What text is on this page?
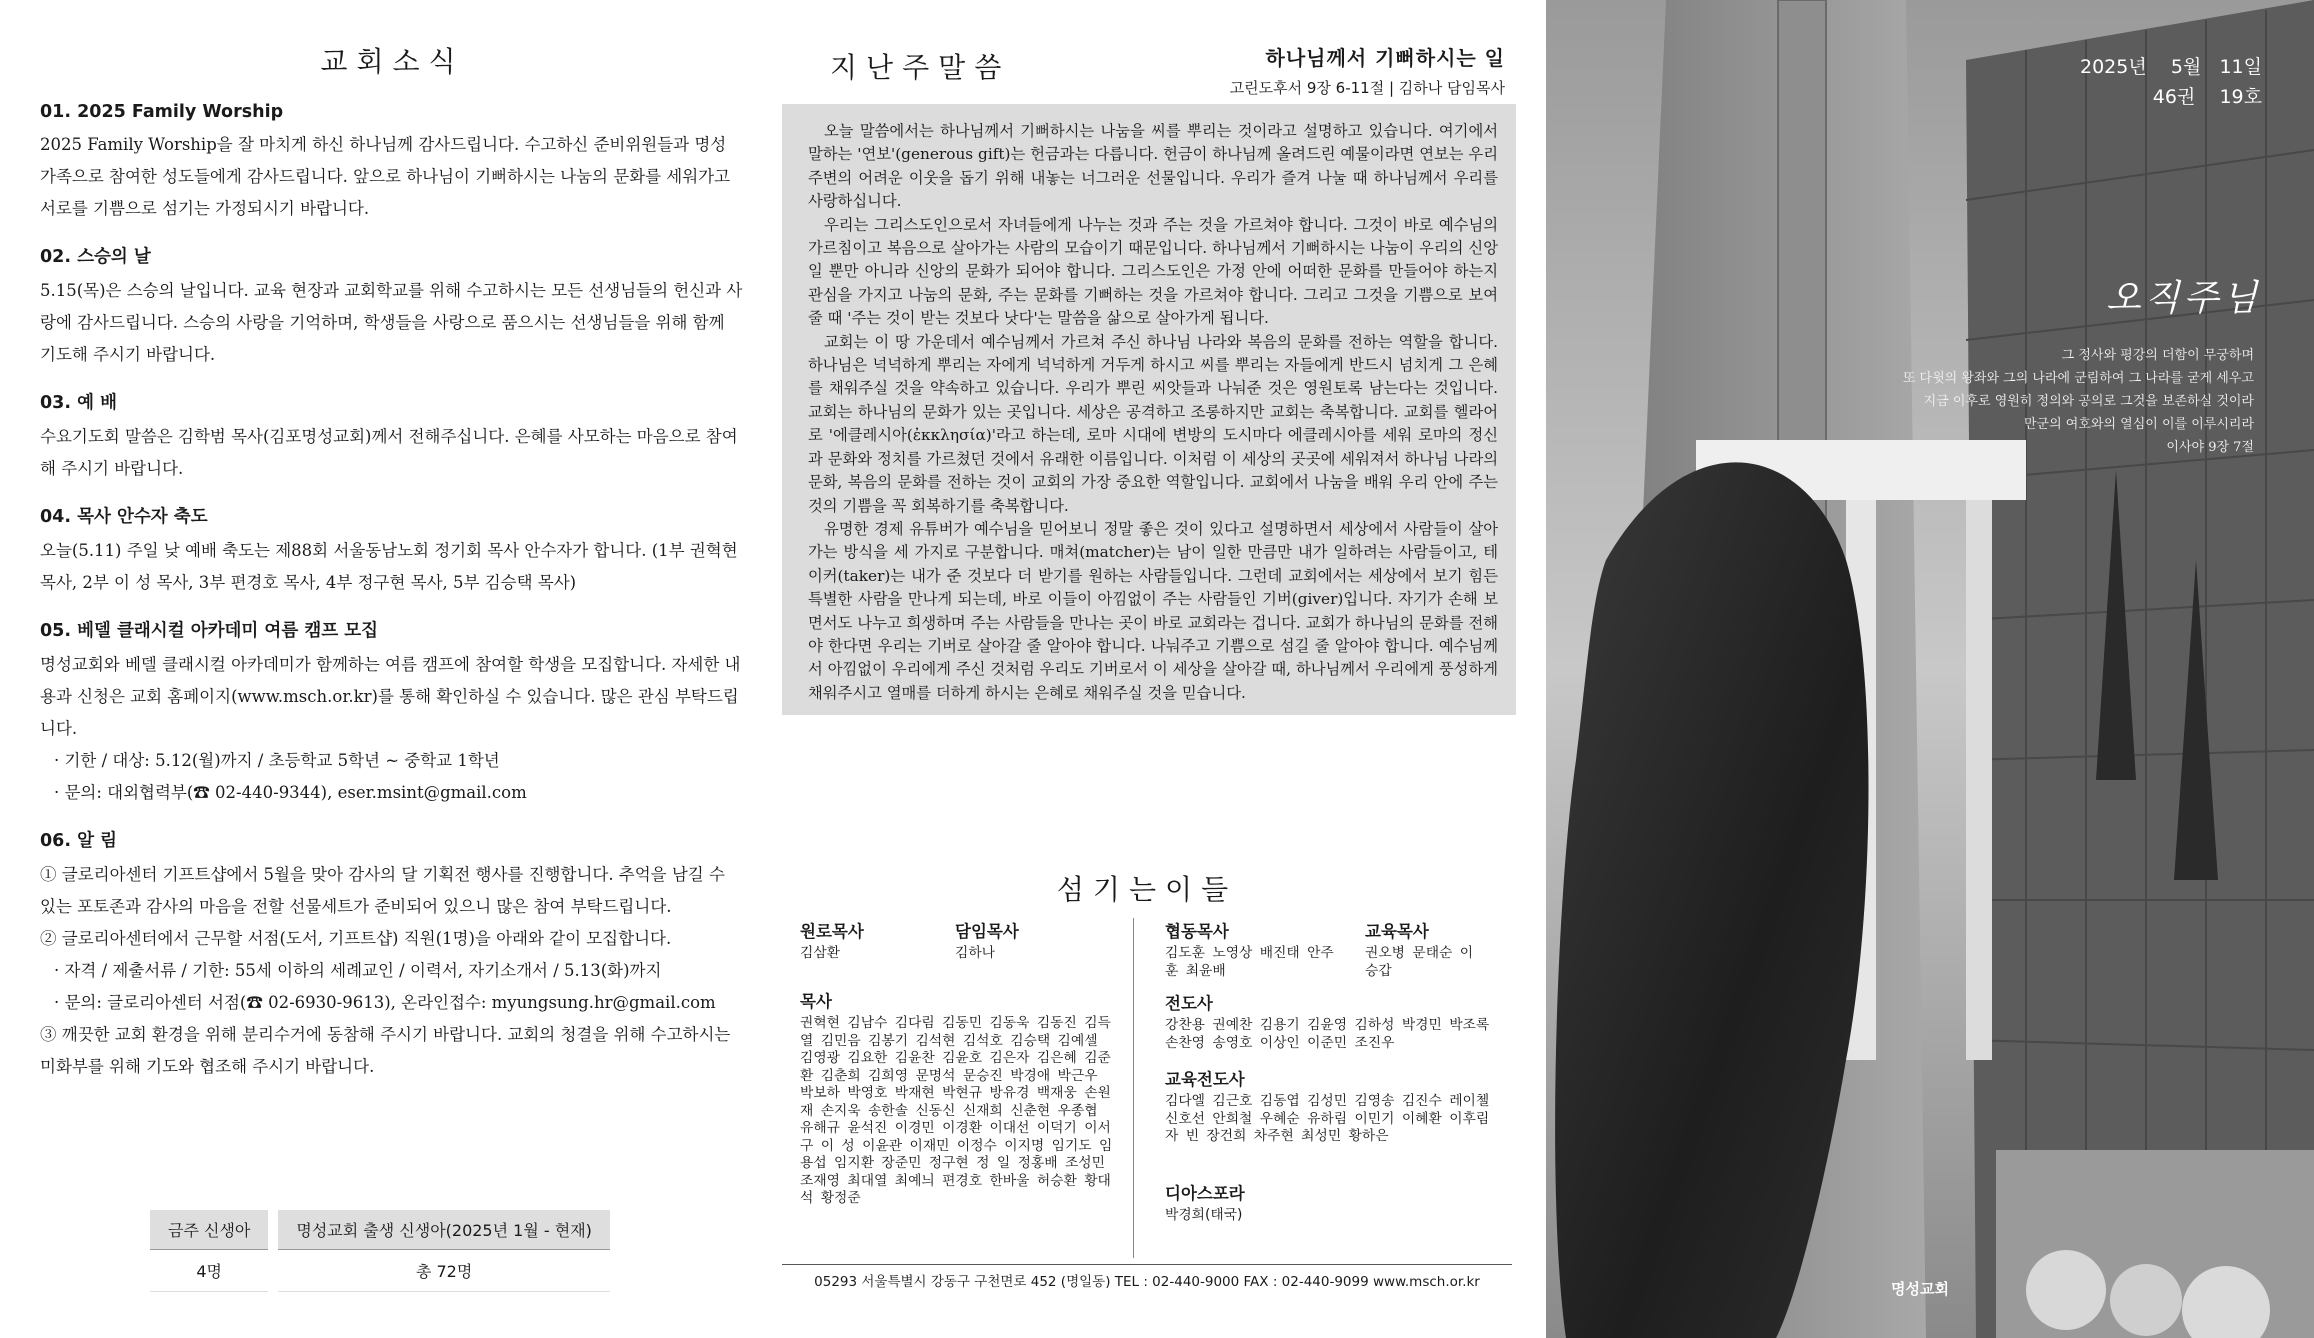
교회소식
01. 2025 Family Worship

2025 Family Worship을 잘 마치게 하신 하나님께 감사드립니다. 수고하신 준비위원들과 명성 가족으로 참여한 성도들에게 감사드립니다. 앞으로 하나님이 기뻐하시는 나눔의 문화를 세워가고 서로를 기쁨으로 섬기는 가정되시기 바랍니다.

02. 스승의 날

5.15(목)은 스승의 날입니다. 교육 현장과 교회학교를 위해 수고하시는 모든 선생님들의 헌신과 사랑에 감사드립니다. 스승의 사랑을 기억하며, 학생들을 사랑으로 품으시는 선생님들을 위해 함께 기도해 주시기 바랍니다.

03. 예 배

수요기도회 말씀은 김학범 목사(김포명성교회)께서 전해주십니다. 은혜를 사모하는 마음으로 참여해 주시기 바랍니다.

04. 목사 안수자 축도

오늘(5.11) 주일 낮 예배 축도는 제88회 서울동남노회 정기회 목사 안수자가 합니다. (1부 권혁현 목사, 2부 이 성 목사, 3부 편경호 목사, 4부 정구현 목사, 5부 김승택 목사)

05. 베델 클래시컬 아카데미 여름 캠프 모집

명성교회와 베델 클래시컬 아카데미가 함께하는 여름 캠프에 참여할 학생을 모집합니다. 자세한 내용과 신청은 교회 홈페이지(www.msch.or.kr)를 통해 확인하실 수 있습니다. 많은 관심 부탁드립니다.

· 기한 / 대상: 5.12(월)까지 / 초등학교 5학년 ~ 중학교 1학년
· 문의: 대외협력부(☎ 02-440-9344), eser.msint@gmail.com
06. 알 림
① 글로리아센터 기프트샵에서 5월을 맞아 감사의 달 기획전 행사를 진행합니다. 추억을 남길 수 있는 포토존과 감사의 마음을 전할 선물세트가 준비되어 있으니 많은 참여 부탁드립니다.
② 글로리아센터에서 근무할 서점(도서, 기프트샵) 직원(1명)을 아래와 같이 모집합니다.
· 자격 / 제출서류 / 기한: 55세 이하의 세례교인 / 이력서, 자기소개서 / 5.13(화)까지
· 문의: 글로리아센터 서점(☎ 02-6930-9613), 온라인접수: myungsung.hr@gmail.com
③ 깨끗한 교회 환경을 위해 분리수거에 동참해 주시기 바랍니다. 교회의 청결을 위해 수고하시는 미화부를 위해 기도와 협조해 주시기 바랍니다.
금주 신생아	명성교회 출생 신생아(2025년 1월 - 현재)
4명	총 72명
지난주말씀	하나님께서 기뻐하시는 일
고린도후서 9장 6-11절 | 김하나 담임목사

오늘 말씀에서는 하나님께서 기뻐하시는 나눔을 씨를 뿌리는 것이라고 설명하고 있습니다. 여기에서 말하는 '연보'(generous gift)는 헌금과는 다릅니다. 헌금이 하나님께 올려드린 예물이라면 연보는 우리 주변의 어려운 이웃을 돕기 위해 내놓는 너그러운 선물입니다. 우리가 즐겨 나눌 때 하나님께서 우리를 사랑하십니다.

우리는 그리스도인으로서 자녀들에게 나누는 것과 주는 것을 가르쳐야 합니다. 그것이 바로 예수님의 가르침이고 복음으로 살아가는 사람의 모습이기 때문입니다. 하나님께서 기뻐하시는 나눔이 우리의 신앙일 뿐만 아니라 신앙의 문화가 되어야 합니다. 그리스도인은 가정 안에 어떠한 문화를 만들어야 하는지 관심을 가지고 나눔의 문화, 주는 문화를 기뻐하는 것을 가르쳐야 합니다. 그리고 그것을 기쁨으로 보여줄 때 '주는 것이 받는 것보다 낫다'는 말씀을 삶으로 살아가게 됩니다.

교회는 이 땅 가운데서 예수님께서 가르쳐 주신 하나님 나라와 복음의 문화를 전하는 역할을 합니다. 하나님은 넉넉하게 뿌리는 자에게 넉넉하게 거두게 하시고 씨를 뿌리는 자들에게 반드시 넘치게 그 은혜를 채워주실 것을 약속하고 있습니다. 우리가 뿌린 씨앗들과 나눠준 것은 영원토록 남는다는 것입니다. 교회는 하나님의 문화가 있는 곳입니다. 세상은 공격하고 조롱하지만 교회는 축복합니다. 교회를 헬라어로 '에클레시아(ἐκκλησία)'라고 하는데, 로마 시대에 변방의 도시마다 에클레시아를 세워 로마의 정신과 문화와 정치를 가르쳤던 것에서 유래한 이름입니다. 이처럼 이 세상의 곳곳에 세워져서 하나님 나라의 문화, 복음의 문화를 전하는 것이 교회의 가장 중요한 역할입니다. 교회에서 나눔을 배워 우리 안에 주는 것의 기쁨을 꼭 회복하기를 축복합니다.

유명한 경제 유튜버가 예수님을 믿어보니 정말 좋은 것이 있다고 설명하면서 세상에서 사람들이 살아가는 방식을 세 가지로 구분합니다. 매쳐(matcher)는 남이 일한 만큼만 내가 일하려는 사람들이고, 테이커(taker)는 내가 준 것보다 더 받기를 원하는 사람들입니다. 그런데 교회에서는 세상에서 보기 힘든 특별한 사람을 만나게 되는데, 바로 이들이 아낌없이 주는 사람들인 기버(giver)입니다. 자기가 손해 보면서도 나누고 희생하며 주는 사람들을 만나는 곳이 바로 교회라는 겁니다. 교회가 하나님의 문화를 전해야 한다면 우리는 기버로 살아갈 줄 알아야 합니다. 나눠주고 기쁨으로 섬길 줄 알아야 합니다. 예수님께서 아낌없이 우리에게 주신 것처럼 우리도 기버로서 이 세상을 살아갈 때, 하나님께서 우리에게 풍성하게 채워주시고 열매를 더하게 하시는 은혜로 채워주실 것을 믿습니다.

섬기는이들
원로목사
김삼환
담임목사
김하나
목사
권혁현 김남수 김다림 김동민 김동욱 김동진 김득열 김민음 김봉기 김석현 김석호 김승택 김예셀 김영광 김요한 김윤찬 김윤호 김은자 김은혜 김준환 김춘희 김희영 문명석 문승진 박경애 박근우 박보하 박영호 박재현 박현규 방유경 백재웅 손원재 손지욱 송한솔 신동신 신재희 신춘현 우종협 유해규 윤석진 이경민 이경환 이대선 이덕기 이서구 이 성 이윤관 이재민 이정수 이지명 임기도 임용섭 임지환 장준민 정구현 정 일 정홍배 조성민 조재영 최대열 최예늬 편경호 한바울 허승환 황대석 황정준
협동목사
김도훈 노영상 배진태 안주훈 최윤배
교육목사
권오병 문태순 이승갑
전도사
강찬용 권예찬 김용기 김윤영 김하성 박경민 박조록 손찬영 송영호 이상인 이준민 조진우
교육전도사
김다엘 김근호 김동엽 김성민 김영송 김진수 레이첼 신호선 안희철 우혜순 유하림 이민기 이혜환 이후림 자 빈 장건희 차주현 최성민 황하은
디아스포라
박경희(태국)
05293 서울특별시 강동구 구천면로 452 (명일동) TEL : 02-440-9000 FAX : 02-440-9099 www.msch.or.kr
2025년 5월 11일
46권 19호
오직주님
그 정사와 평강의 더함이 무궁하며
또 다윗의 왕좌와 그의 나라에 군림하여 그 나라를 굳게 세우고
지금 이후로 영원히 정의와 공의로 그것을 보존하실 것이라
만군의 여호와의 열심이 이를 이루시리라
이사야 9장 7절
명성교회
